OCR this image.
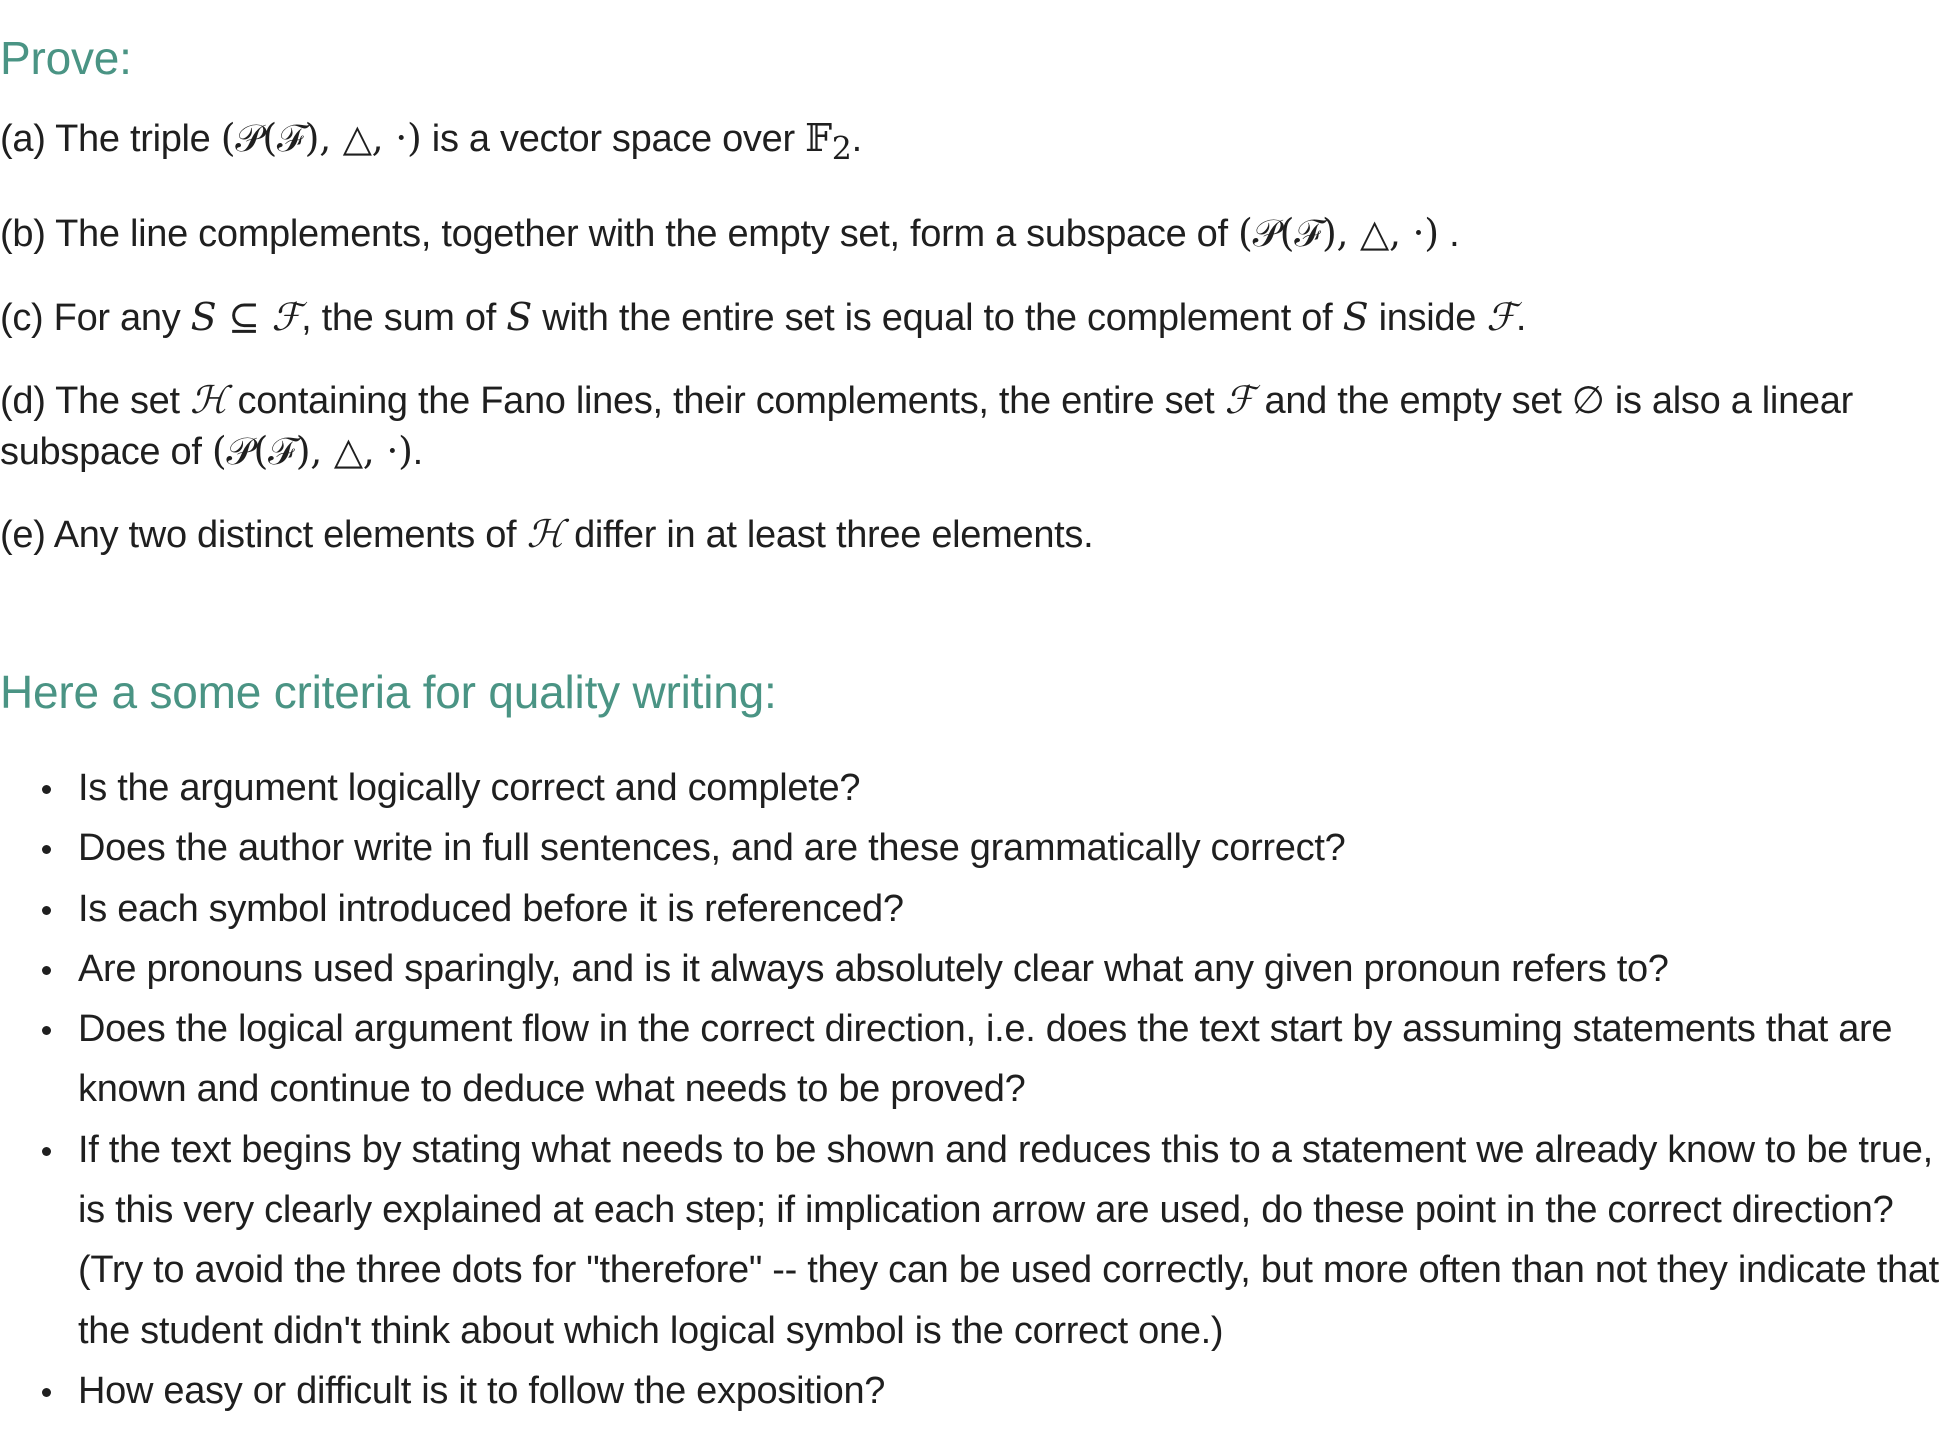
Prove:

(a) The triple (𝒫(ℱ), △, ·) is a vector space over 𝔽$_2$.

(b) The line complements, together with the empty set, form a subspace of (𝒫(ℱ), △, ·) .

(c) For any S ⊆ ℱ, the sum of S with the entire set is equal to the complement of S inside ℱ.

(d) The set ℋ containing the Fano lines, their complements, the entire set ℱ and the empty set ∅ is also a linear subspace of (𝒫(ℱ), △, ·).

(e) Any two distinct elements of ℋ differ in at least three elements.

Here a some criteria for quality writing:
Is the argument logically correct and complete?
Does the author write in full sentences, and are these grammatically correct?
Is each symbol introduced before it is referenced?
Are pronouns used sparingly, and is it always absolutely clear what any given pronoun refers to?
Does the logical argument flow in the correct direction, i.e. does the text start by assuming statements that are known and continue to deduce what needs to be proved?
If the text begins by stating what needs to be shown and reduces this to a statement we already know to be true, is this very clearly explained at each step; if implication arrow are used, do these point in the correct direction? (Try to avoid the three dots for "therefore" -- they can be used correctly, but more often than not they indicate that the student didn't think about which logical symbol is the correct one.)
How easy or difficult is it to follow the exposition?
